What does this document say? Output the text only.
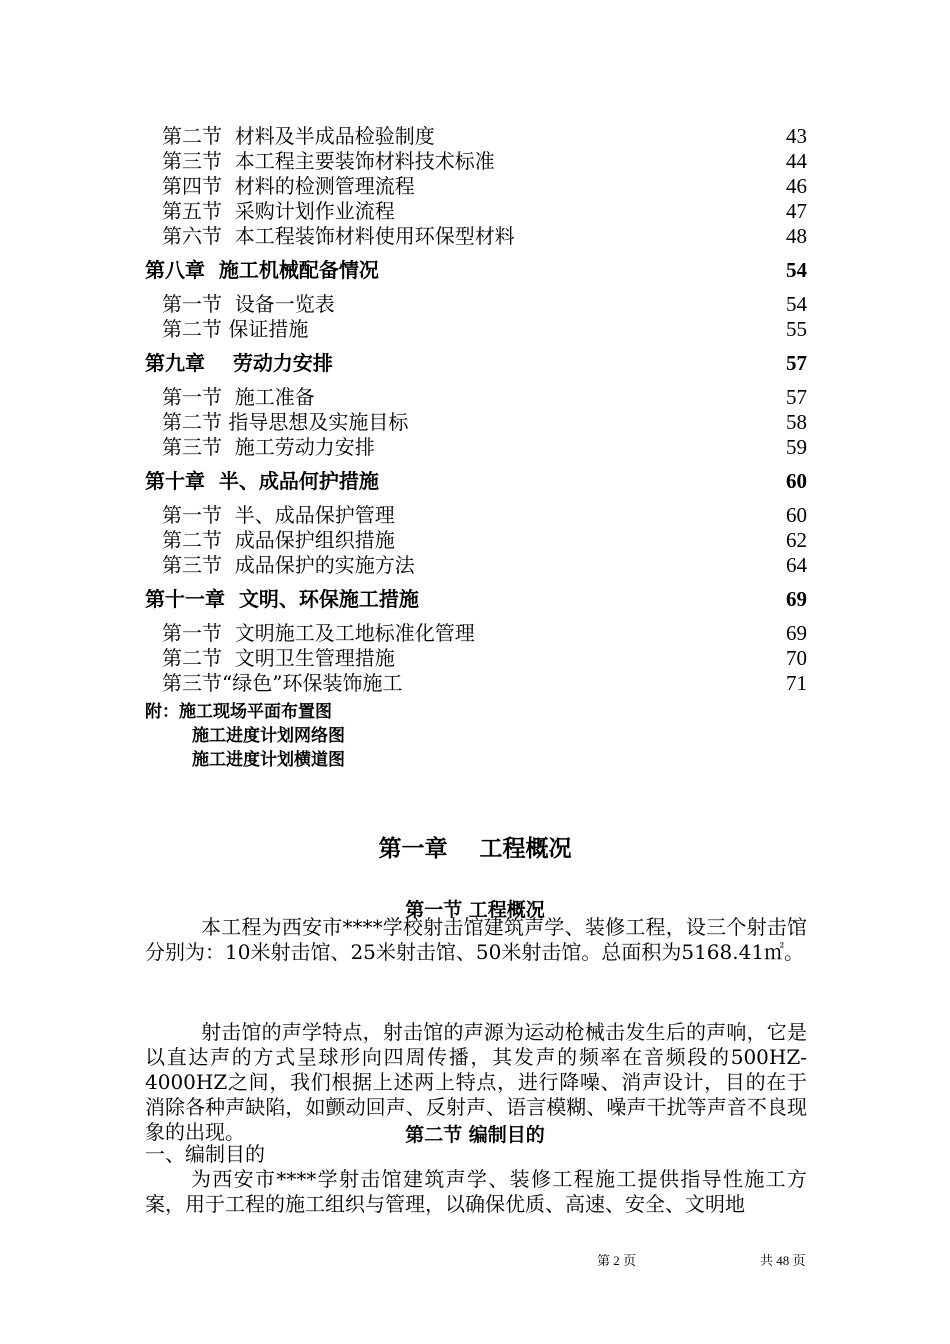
第二节  材料及半成品检验制度	43
第三节  本工程主要装饰材料技术标准	44
第四节  材料的检测管理流程	46
第五节  采购计划作业流程	47
第六节  本工程装饰材料使用环保型材料	48
第八章  施工机械配备情况	54
第一节  设备一览表	54
第二节 保证措施	55
第九章    劳动力安排	57
第一节  施工准备	57
第二节 指导思想及实施目标	58
第三节  施工劳动力安排	59
第十章  半、成品何护措施	60
第一节  半、成品保护管理	60
第二节  成品保护组织措施	62
第三节  成品保护的实施方法	64
第十一章  文明、环保施工措施	69
第一节  文明施工及工地标准化管理	69
第二节  文明卫生管理措施	70
第三节“绿色”环保装饰施工	71
附：施工现场平面布置图
施工进度计划网络图
施工进度计划横道图
第一章    工程概况
第一节 工程概况
本工程为西安市****学校射击馆建筑声学、装修工程，设三个射击馆分别为：10米射击馆、25米射击馆、50米射击馆。总面积为5168.41㎡。
射击馆的声学特点，射击馆的声源为运动枪械击发生后的声响，它是以直达声的方式呈球形向四周传播，其发声的频率在音频段的500HZ-4000HZ之间，我们根据上述两上特点，进行降噪、消声设计，目的在于消除各种声缺陷，如颤动回声、反射声、语言模糊、噪声干扰等声音不良现象的出现。	第二节 编制目的
一、编制目的
为西安市****学射击馆建筑声学、装修工程施工提供指导性施工方案，用于工程的施工组织与管理，以确保优质、高速、安全、文明地
第 2 页	共 48 页
